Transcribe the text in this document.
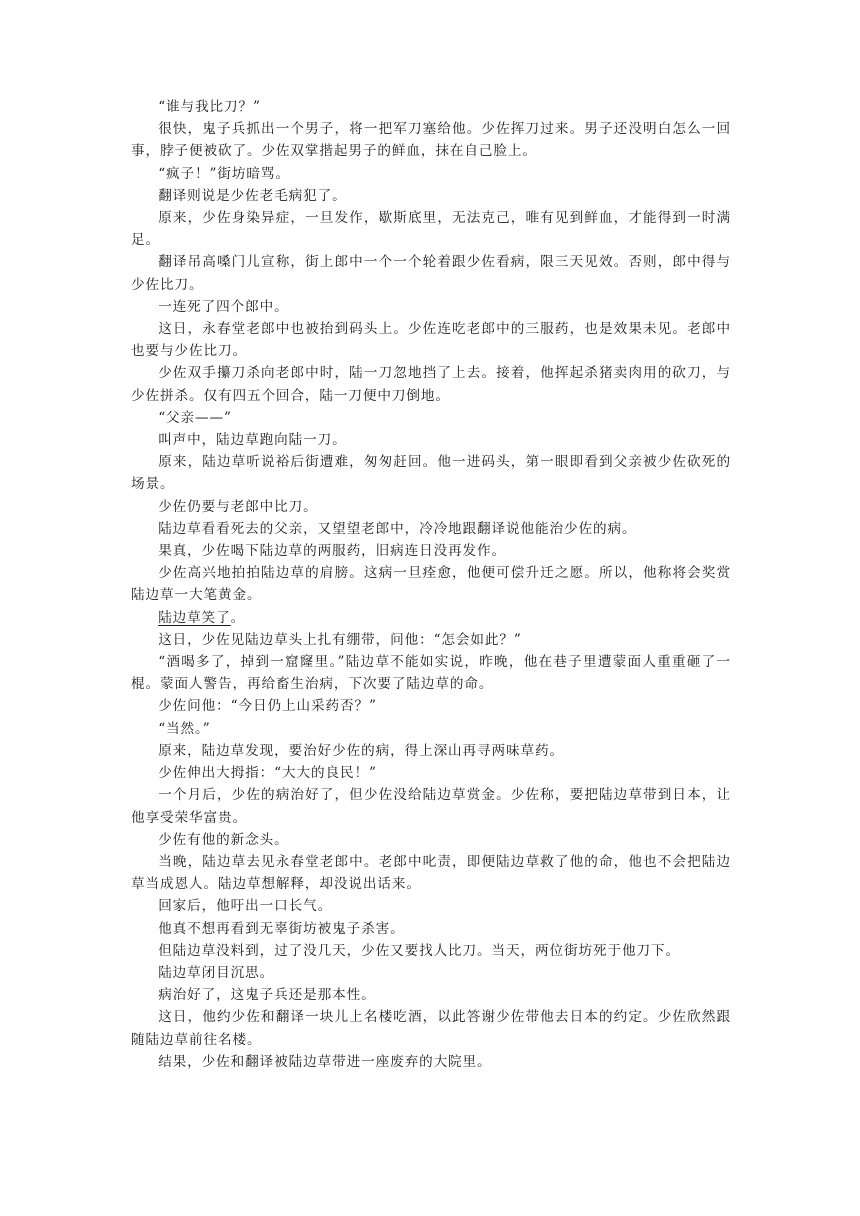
“谁与我比刀？”

很快，鬼子兵抓出一个男子，将一把军刀塞给他。少佐挥刀过来。男子还没明白怎么一回事，脖子便被砍了。少佐双掌揩起男子的鲜血，抹在自己脸上。

“疯子！”街坊暗骂。

翻译则说是少佐老毛病犯了。

原来，少佐身染异症，一旦发作，歇斯底里，无法克己，唯有见到鲜血，才能得到一时满足。

翻译吊高嗓门儿宣称，街上郎中一个一个轮着跟少佐看病，限三天见效。否则，郎中得与少佐比刀。

一连死了四个郎中。

这日，永春堂老郎中也被抬到码头上。少佐连吃老郎中的三服药，也是效果未见。老郎中也要与少佐比刀。

少佐双手攥刀杀向老郎中时，陆一刀忽地挡了上去。接着，他挥起杀猪卖肉用的砍刀，与少佐拼杀。仅有四五个回合，陆一刀便中刀倒地。

“父亲——”

叫声中，陆边草跑向陆一刀。

原来，陆边草听说裕后街遭难，匆匆赶回。他一进码头，第一眼即看到父亲被少佐砍死的场景。

少佐仍要与老郎中比刀。

陆边草看看死去的父亲，又望望老郎中，冷冷地跟翻译说他能治少佐的病。

果真，少佐喝下陆边草的两服药，旧病连日没再发作。

少佐高兴地拍拍陆边草的肩膀。这病一旦痊愈，他便可偿升迁之愿。所以，他称将会奖赏陆边草一大笔黄金。

陆边草笑了。

这日，少佐见陆边草头上扎有绷带，问他：“怎会如此？”

“酒喝多了，掉到一窟窿里。”陆边草不能如实说，昨晚，他在巷子里遭蒙面人重重砸了一棍。蒙面人警告，再给畜生治病，下次要了陆边草的命。

少佐问他：“今日仍上山采药否？”

“当然。”

原来，陆边草发现，要治好少佐的病，得上深山再寻两味草药。

少佐伸出大拇指：“大大的良民！”

一个月后，少佐的病治好了，但少佐没给陆边草赏金。少佐称，要把陆边草带到日本，让他享受荣华富贵。

少佐有他的新念头。

当晚，陆边草去见永春堂老郎中。老郎中叱责，即便陆边草救了他的命，他也不会把陆边草当成恩人。陆边草想解释，却没说出话来。

回家后，他吁出一口长气。

他真不想再看到无辜街坊被鬼子杀害。

但陆边草没料到，过了没几天，少佐又要找人比刀。当天，两位街坊死于他刀下。

陆边草闭目沉思。

病治好了，这鬼子兵还是那本性。

这日，他约少佐和翻译一块儿上名楼吃酒，以此答谢少佐带他去日本的约定。少佐欣然跟随陆边草前往名楼。

结果，少佐和翻译被陆边草带进一座废弃的大院里。
